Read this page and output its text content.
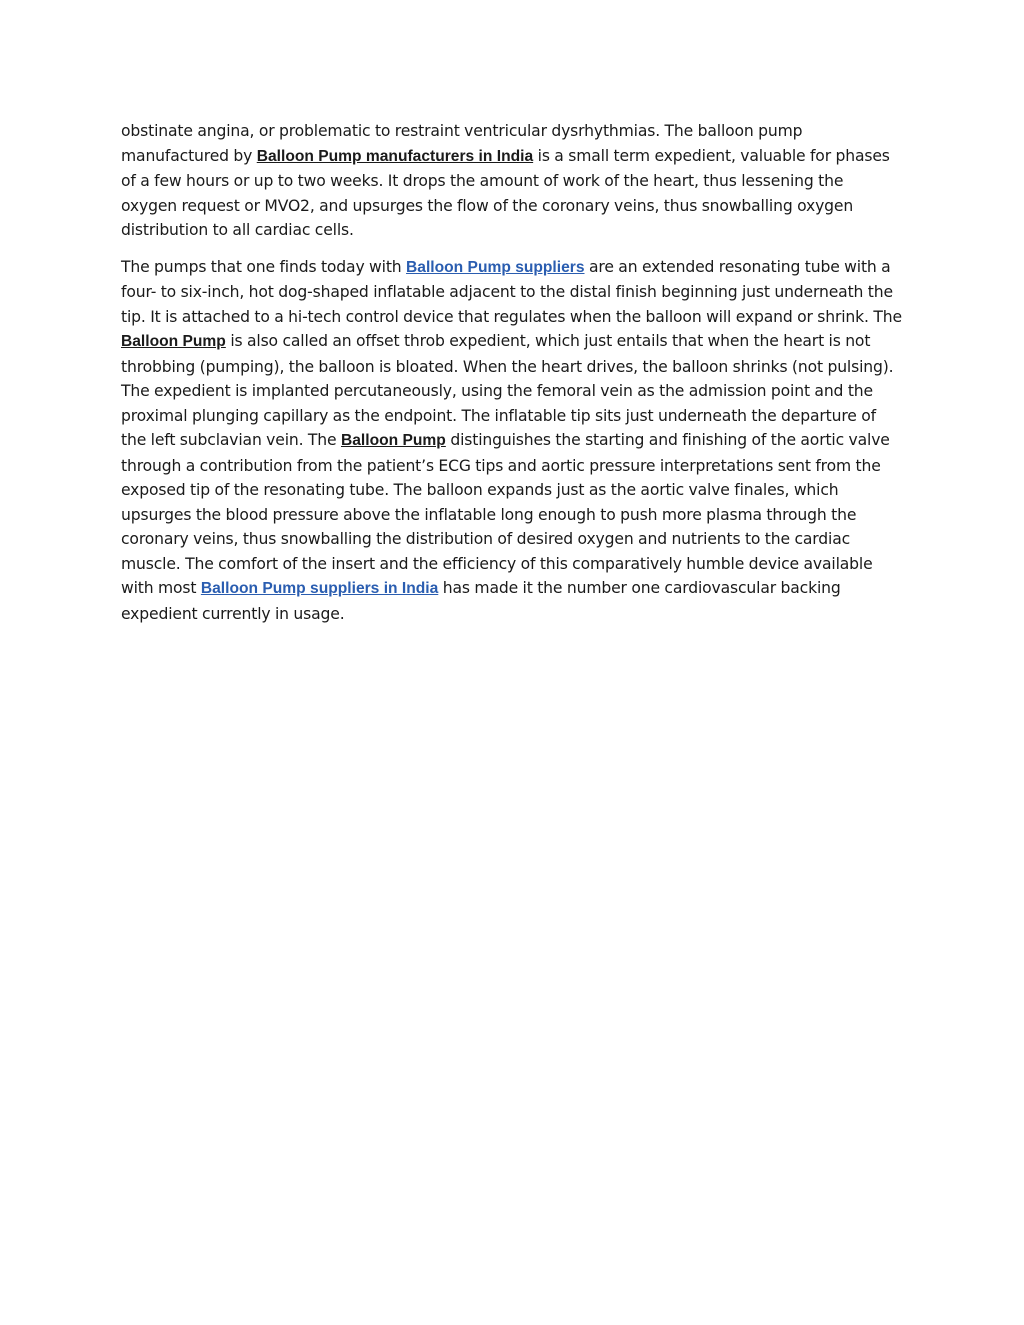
obstinate angina, or problematic to restraint ventricular dysrhythmias. The balloon pump manufactured by Balloon Pump manufacturers in India is a small term expedient, valuable for phases of a few hours or up to two weeks. It drops the amount of work of the heart, thus lessening the oxygen request or MVO2, and upsurges the flow of the coronary veins, thus snowballing oxygen distribution to all cardiac cells.

The pumps that one finds today with Balloon Pump suppliers are an extended resonating tube with a four- to six-inch, hot dog-shaped inflatable adjacent to the distal finish beginning just underneath the tip. It is attached to a hi-tech control device that regulates when the balloon will expand or shrink. The Balloon Pump is also called an offset throb expedient, which just entails that when the heart is not throbbing (pumping), the balloon is bloated. When the heart drives, the balloon shrinks (not pulsing). The expedient is implanted percutaneously, using the femoral vein as the admission point and the proximal plunging capillary as the endpoint. The inflatable tip sits just underneath the departure of the left subclavian vein. The Balloon Pump distinguishes the starting and finishing of the aortic valve through a contribution from the patient’s ECG tips and aortic pressure interpretations sent from the exposed tip of the resonating tube. The balloon expands just as the aortic valve finales, which upsurges the blood pressure above the inflatable long enough to push more plasma through the coronary veins, thus snowballing the distribution of desired oxygen and nutrients to the cardiac muscle. The comfort of the insert and the efficiency of this comparatively humble device available with most Balloon Pump suppliers in India has made it the number one cardiovascular backing expedient currently in usage.
